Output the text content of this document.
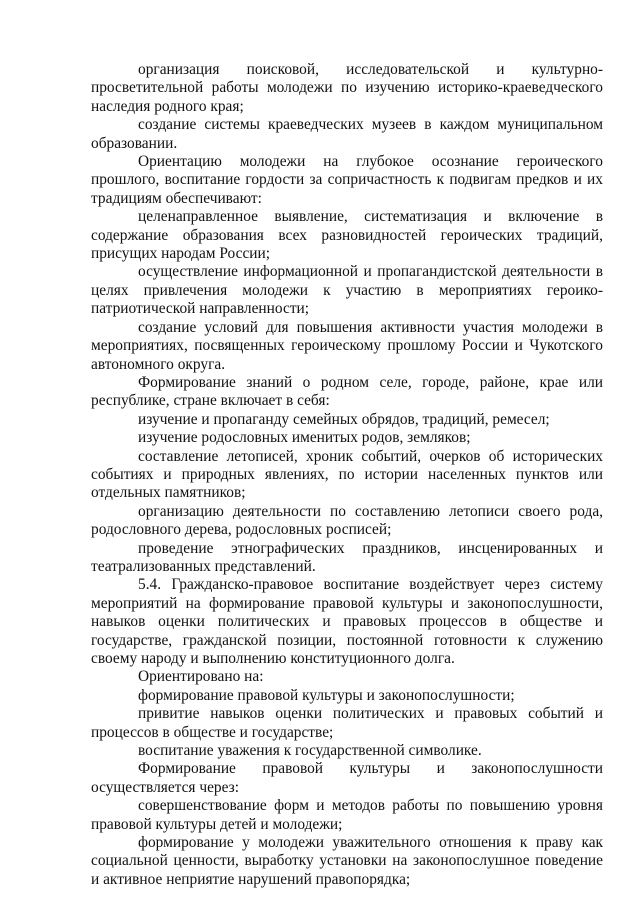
организация поисковой, исследовательской и культурно-просветительной работы молодежи по изучению историко-краеведческого наследия родного края;

создание системы краеведческих музеев в каждом муниципальном образовании.

Ориентацию молодежи на глубокое осознание героического прошлого, воспитание гордости за сопричастность к подвигам предков и их традициям обеспечивают:

целенаправленное выявление, систематизация и включение в содержание образования всех разновидностей героических традиций, присущих народам России;

осуществление информационной и пропагандистской деятельности в целях привлечения молодежи к участию в мероприятиях героико-патриотической направленности;

создание условий для повышения активности участия молодежи в мероприятиях, посвященных героическому прошлому России и Чукотского автономного округа.

Формирование знаний о родном селе, городе, районе, крае или республике, стране включает в себя:

изучение и пропаганду семейных обрядов, традиций, ремесел;

изучение родословных именитых родов, земляков;

составление летописей, хроник событий, очерков об исторических событиях и природных явлениях, по истории населенных пунктов или отдельных памятников;

организацию деятельности по составлению летописи своего рода, родословного дерева, родословных росписей;

проведение этнографических праздников, инсценированных и театрализованных представлений.

5.4. Гражданско-правовое воспитание воздействует через систему мероприятий на формирование правовой культуры и законопослушности, навыков оценки политических и правовых процессов в обществе и государстве, гражданской позиции, постоянной готовности к служению своему народу и выполнению конституционного долга.

Ориентировано на:

формирование правовой культуры и законопослушности;

привитие навыков оценки политических и правовых событий и процессов в обществе и государстве;

воспитание уважения к государственной символике.

Формирование правовой культуры и законопослушности осуществляется через:

совершенствование форм и методов работы по повышению уровня правовой культуры детей и молодежи;

формирование у молодежи уважительного отношения к праву как социальной ценности, выработку установки на законопослушное поведение и активное неприятие нарушений правопорядка;
